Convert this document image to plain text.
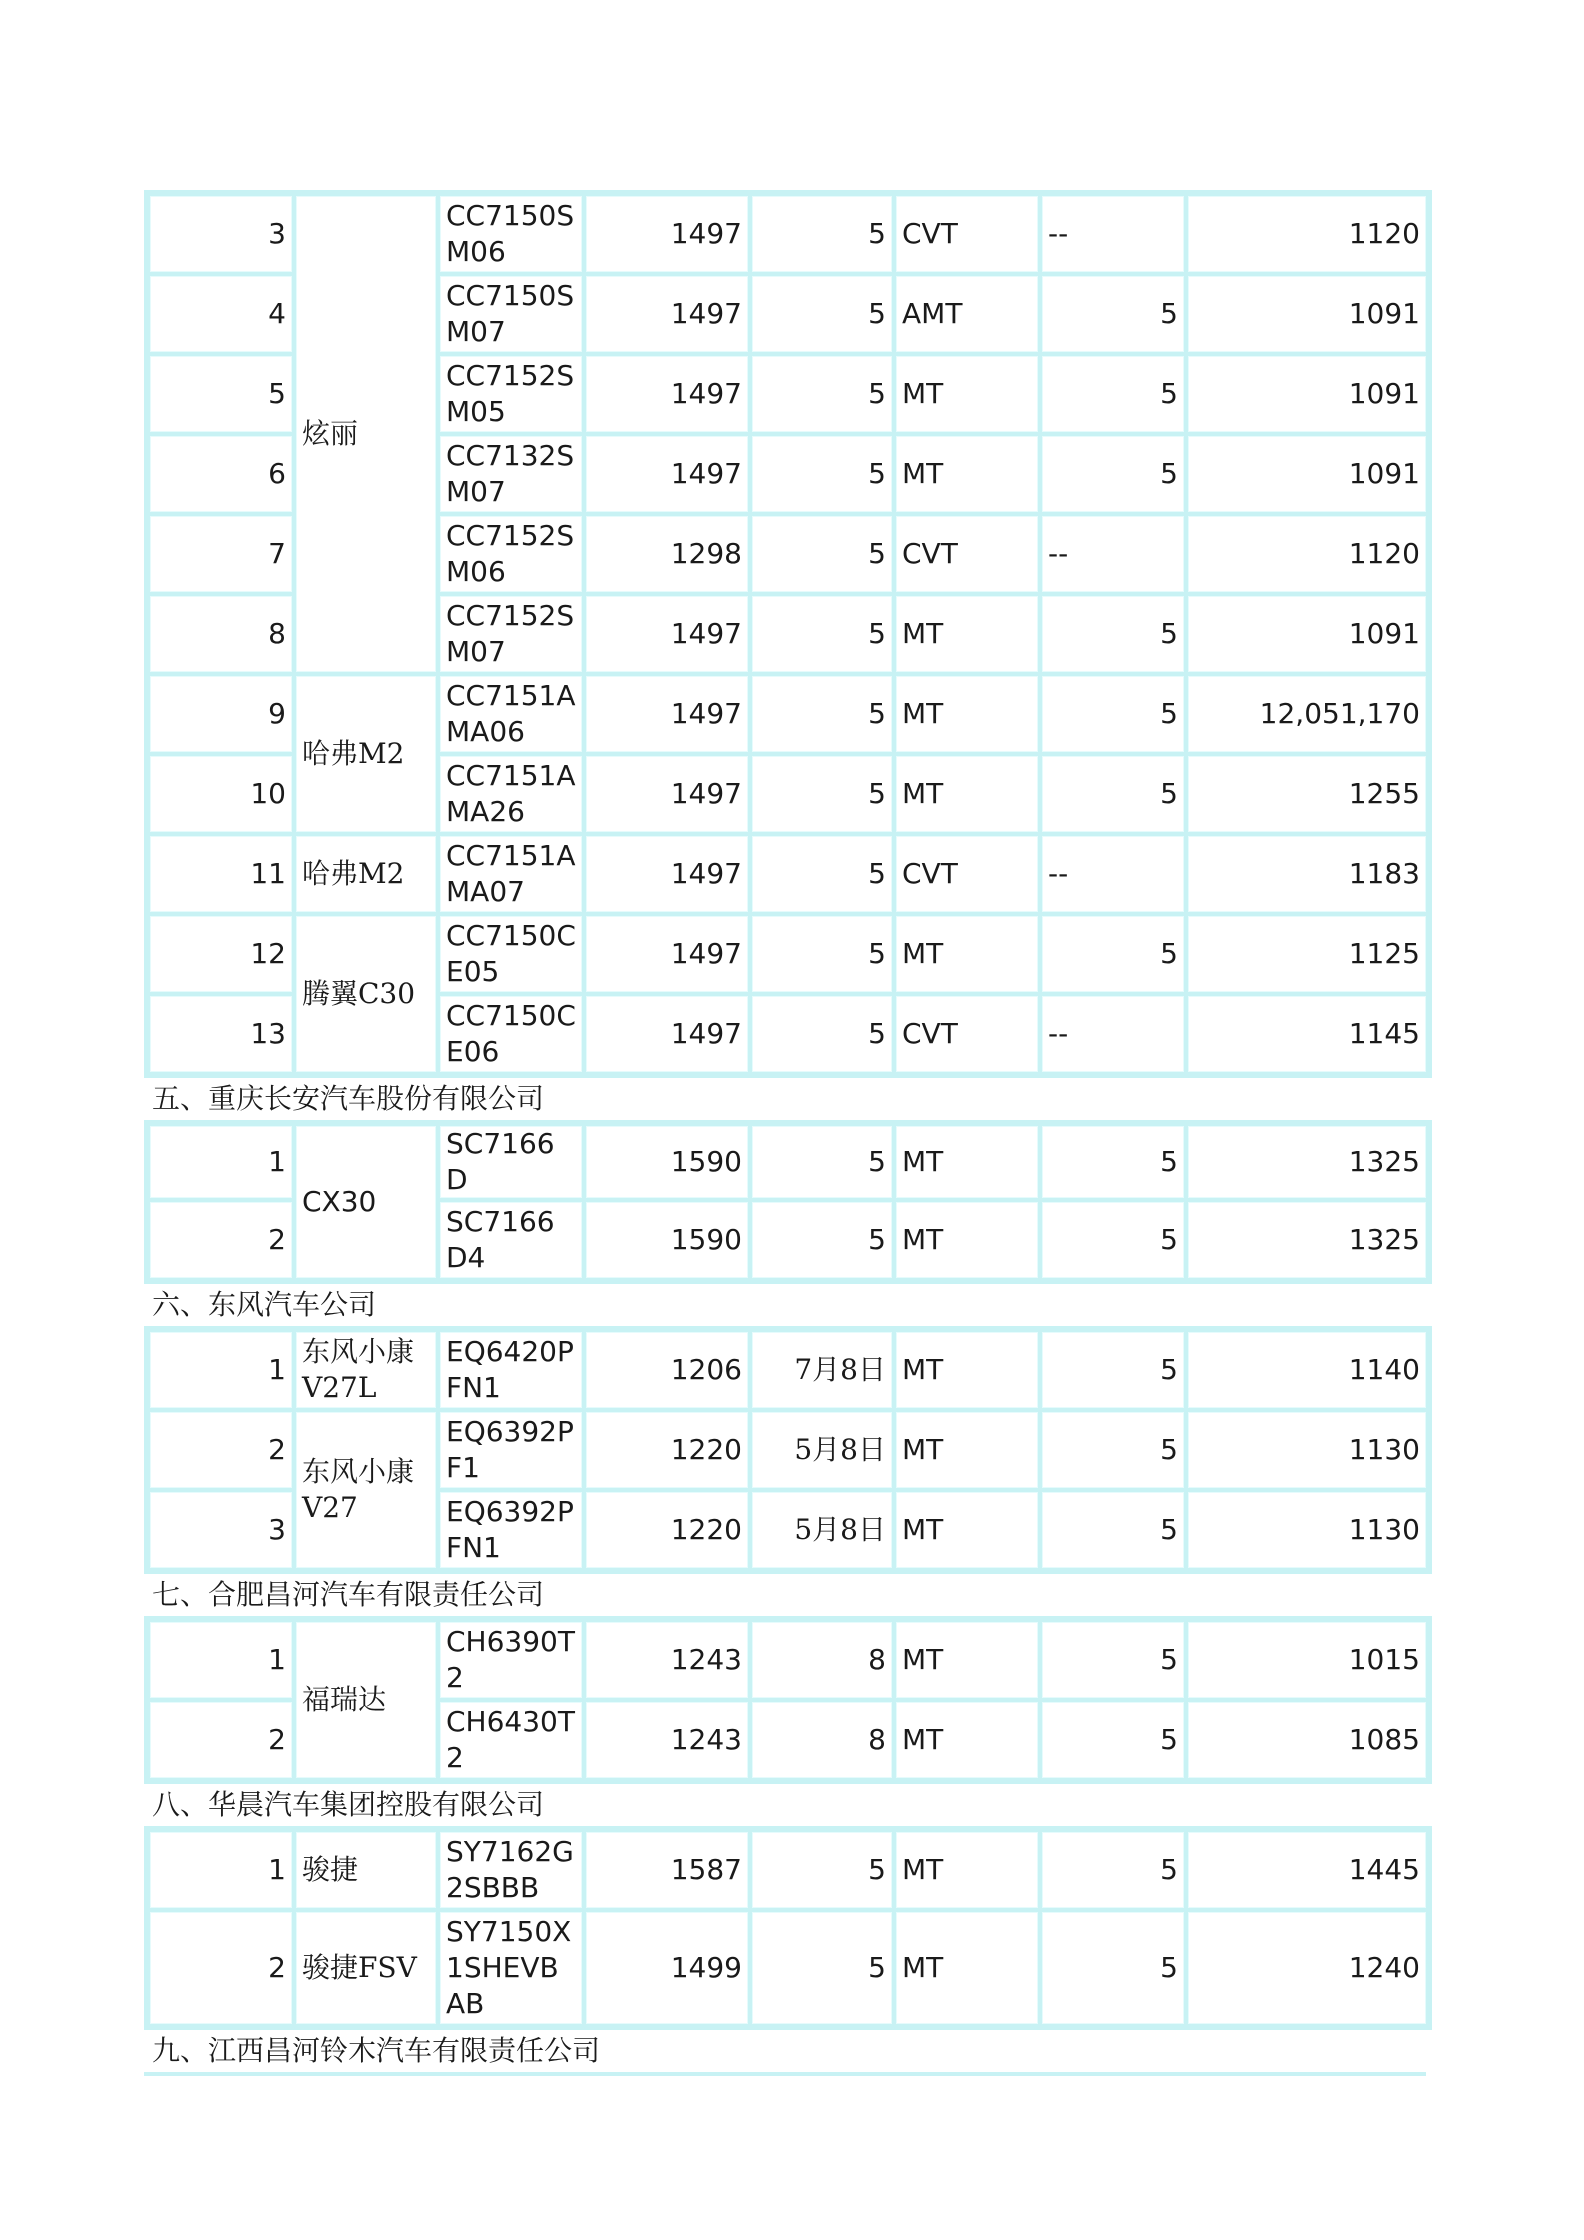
3	炫丽	CC7150SM06	1497	5	CVT	--	1120
4		CC7150SM07	1497	5	AMT	5	1091
5		CC7152SM05	1497	5	MT	5	1091
6		CC7132SM07	1497	5	MT	5	1091
7		CC7152SM06	1298	5	CVT	--	1120
8		CC7152SM07	1497	5	MT	5	1091
9	哈弗M2	CC7151AMA06	1497	5	MT	5	12,051,170
10		CC7151AMA26	1497	5	MT	5	1255
11	哈弗M2	CC7151AMA07	1497	5	CVT	--	1183
12	腾翼C30	CC7150CE05	1497	5	MT	5	1125
13		CC7150CE06	1497	5	CVT	--	1145
五、重庆长安汽车股份有限公司
1	CX30	SC7166D	1590	5	MT	5	1325
2		SC7166D4	1590	5	MT	5	1325
六、东风汽车公司
1	东风小康V27L	EQ6420PFN1	1206	7月8日	MT	5	1140
2	东风小康V27	EQ6392PF1	1220	5月8日	MT	5	1130
3		EQ6392PFN1	1220	5月8日	MT	5	1130
七、合肥昌河汽车有限责任公司
1	福瑞达	CH6390T2	1243	8	MT	5	1015
2		CH6430T2	1243	8	MT	5	1085
八、华晨汽车集团控股有限公司
1	骏捷	SY7162G2SBBB	1587	5	MT	5	1445
2	骏捷FSV	SY7150X1SHEVBAB	1499	5	MT	5	1240
九、江西昌河铃木汽车有限责任公司
